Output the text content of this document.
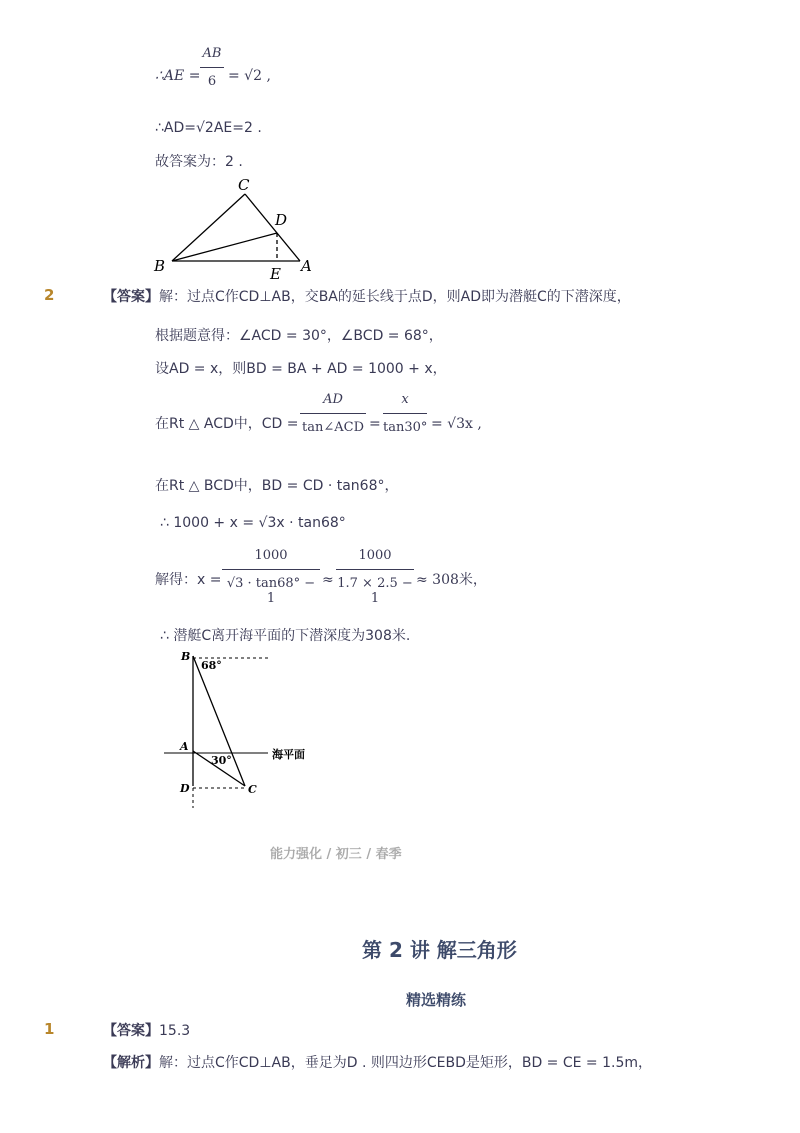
∴AE =
AB
6 = √2 ,
∴AD=√2AE=2 .
故答案为：2 .
C
D
B	E A
2	【答案】解：过点C作CD⊥AB，交BA的延长线于点D，则AD即为潜艇C的下潜深度，
根据题意得：∠ACD = 30°，∠BCD = 68°，
设AD = x，则BD = BA + AD = 1000 + x，
在Rt △ ACD中，CD =
AD
tan∠ACD =
x
tan30° = √3x ,
在Rt △ BCD中，BD = CD · tan68°，
∴ 1000 + x = √3x · tan68°
解得：x =
1000
√3 · tan68° − 1
≈
1000
1.7 × 2.5 − 1
≈ 308米，
∴ 潜艇C离开海平面的下潜深度为308米.
B
68°
A
30°	海平面
D	C
能力强化 / 初三 / 春季
第 2 讲 解三角形
精选精练
1	【答案】15.3
【解析】解：过点C作CD⊥AB，垂足为D . 则四边形CEBD是矩形，BD = CE = 1.5m，
